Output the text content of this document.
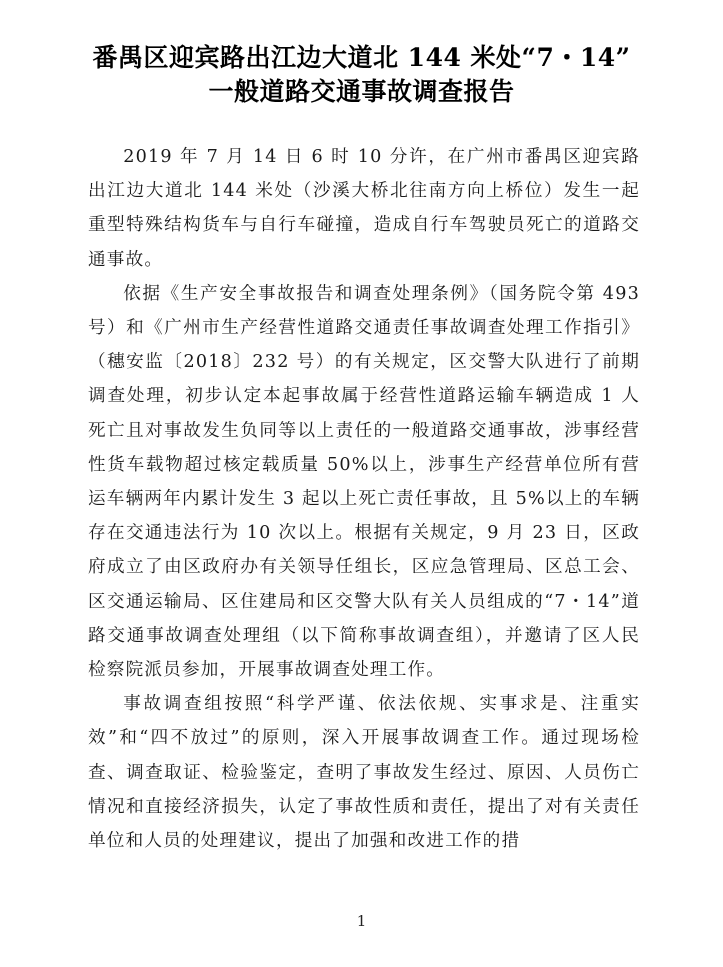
番禺区迎宾路出江边大道北 144 米处“7・14”
一般道路交通事故调查报告

2019 年 7 月 14 日 6 时 10 分许，在广州市番禺区迎宾路出江边大道北 144 米处（沙溪大桥北往南方向上桥位）发生一起重型特殊结构货车与自行车碰撞，造成自行车驾驶员死亡的道路交通事故。

依据《生产安全事故报告和调查处理条例》（国务院令第 493 号）和《广州市生产经营性道路交通责任事故调查处理工作指引》（穗安监〔2018〕232 号）的有关规定，区交警大队进行了前期调查处理，初步认定本起事故属于经营性道路运输车辆造成 1 人死亡且对事故发生负同等以上责任的一般道路交通事故，涉事经营性货车载物超过核定载质量 50%以上，涉事生产经营单位所有营运车辆两年内累计发生 3 起以上死亡责任事故，且 5%以上的车辆存在交通违法行为 10 次以上。根据有关规定，9 月 23 日，区政府成立了由区政府办有关领导任组长，区应急管理局、区总工会、区交通运输局、区住建局和区交警大队有关人员组成的“7・14”道路交通事故调查处理组（以下简称事故调查组），并邀请了区人民检察院派员参加，开展事故调查处理工作。

事故调查组按照“科学严谨、依法依规、实事求是、注重实效”和“四不放过”的原则，深入开展事故调查工作。通过现场检查、调查取证、检验鉴定，查明了事故发生经过、原因、人员伤亡情况和直接经济损失，认定了事故性质和责任，提出了对有关责任单位和人员的处理建议，提出了加强和改进工作的措

1
